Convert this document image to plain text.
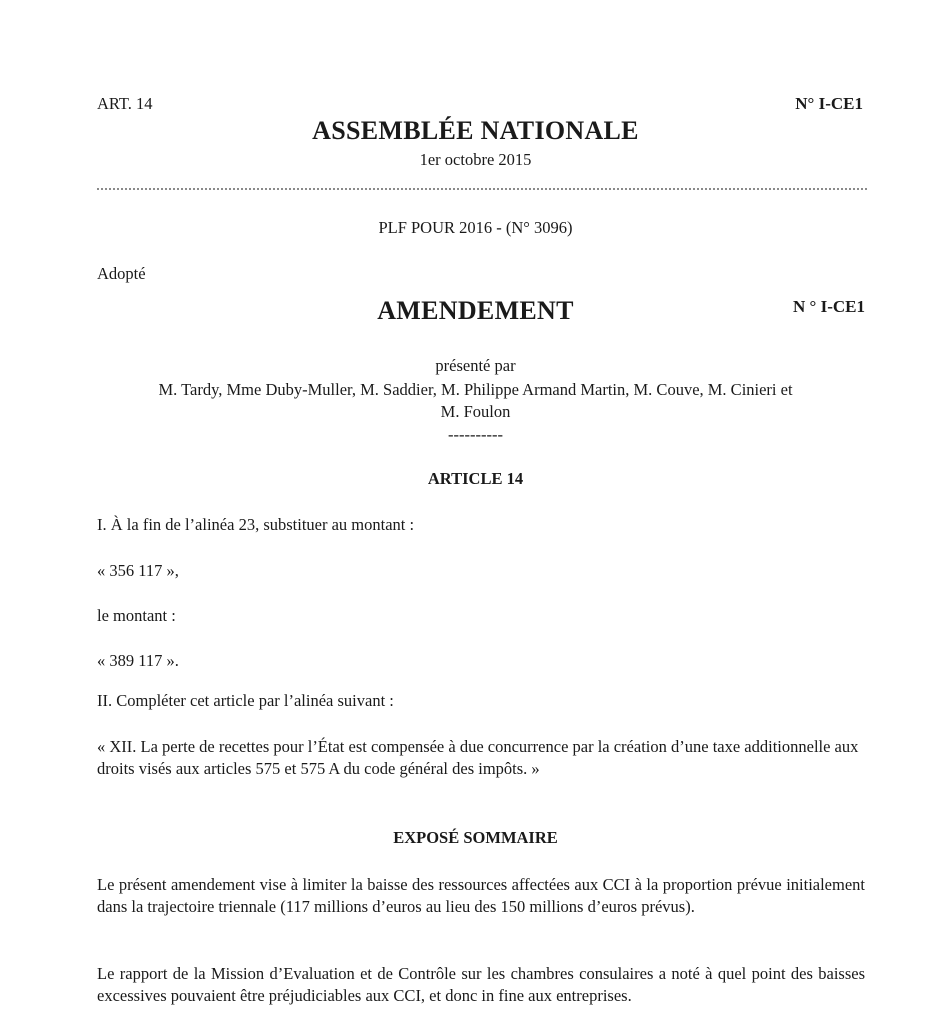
ART. 14	N° I-CE1
ASSEMBLÉE NATIONALE
1er octobre 2015
PLF POUR 2016 - (N° 3096)
Adopté
AMENDEMENT	N ° I-CE1
présenté par
M. Tardy, Mme Duby-Muller, M. Saddier, M. Philippe Armand Martin, M. Couve, M. Cinieri et
M. Foulon
----------
ARTICLE 14
I. À la fin de l’alinéa 23, substituer au montant :
« 356 117 »,
le montant :
« 389 117 ».
II. Compléter cet article par l’alinéa suivant :
« XII. La perte de recettes pour l’État est compensée à due concurrence par la création d’une taxe additionnelle aux droits visés aux articles 575 et 575 A du code général des impôts. »
EXPOSÉ SOMMAIRE
Le présent amendement vise à limiter la baisse des ressources affectées aux CCI à la proportion prévue initialement dans la trajectoire triennale (117 millions d’euros au lieu des 150 millions d’euros prévus).
Le rapport de la Mission d’Evaluation et de Contrôle sur les chambres consulaires a noté à quel point des baisses excessives pouvaient être préjudiciables aux CCI, et donc in fine aux entreprises.
